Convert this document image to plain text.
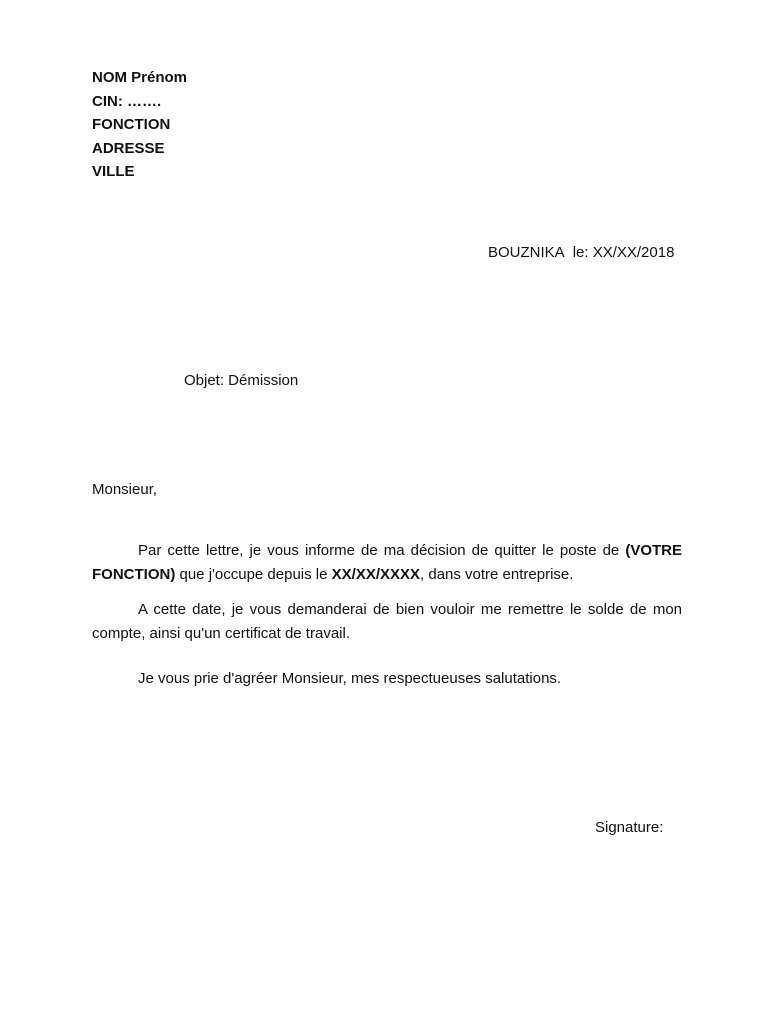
NOM Prénom
CIN: …….
FONCTION
ADRESSE
VILLE
BOUZNIKA le: XX/XX/2018
Objet: Démission
Monsieur,
Par cette lettre, je vous informe de ma décision de quitter le poste de (VOTRE FONCTION) que j'occupe depuis le XX/XX/XXXX, dans votre entreprise.
A cette date, je vous demanderai de bien vouloir me remettre le solde de mon compte, ainsi qu'un certificat de travail.
Je vous prie d'agréer Monsieur, mes respectueuses salutations.
Signature:
